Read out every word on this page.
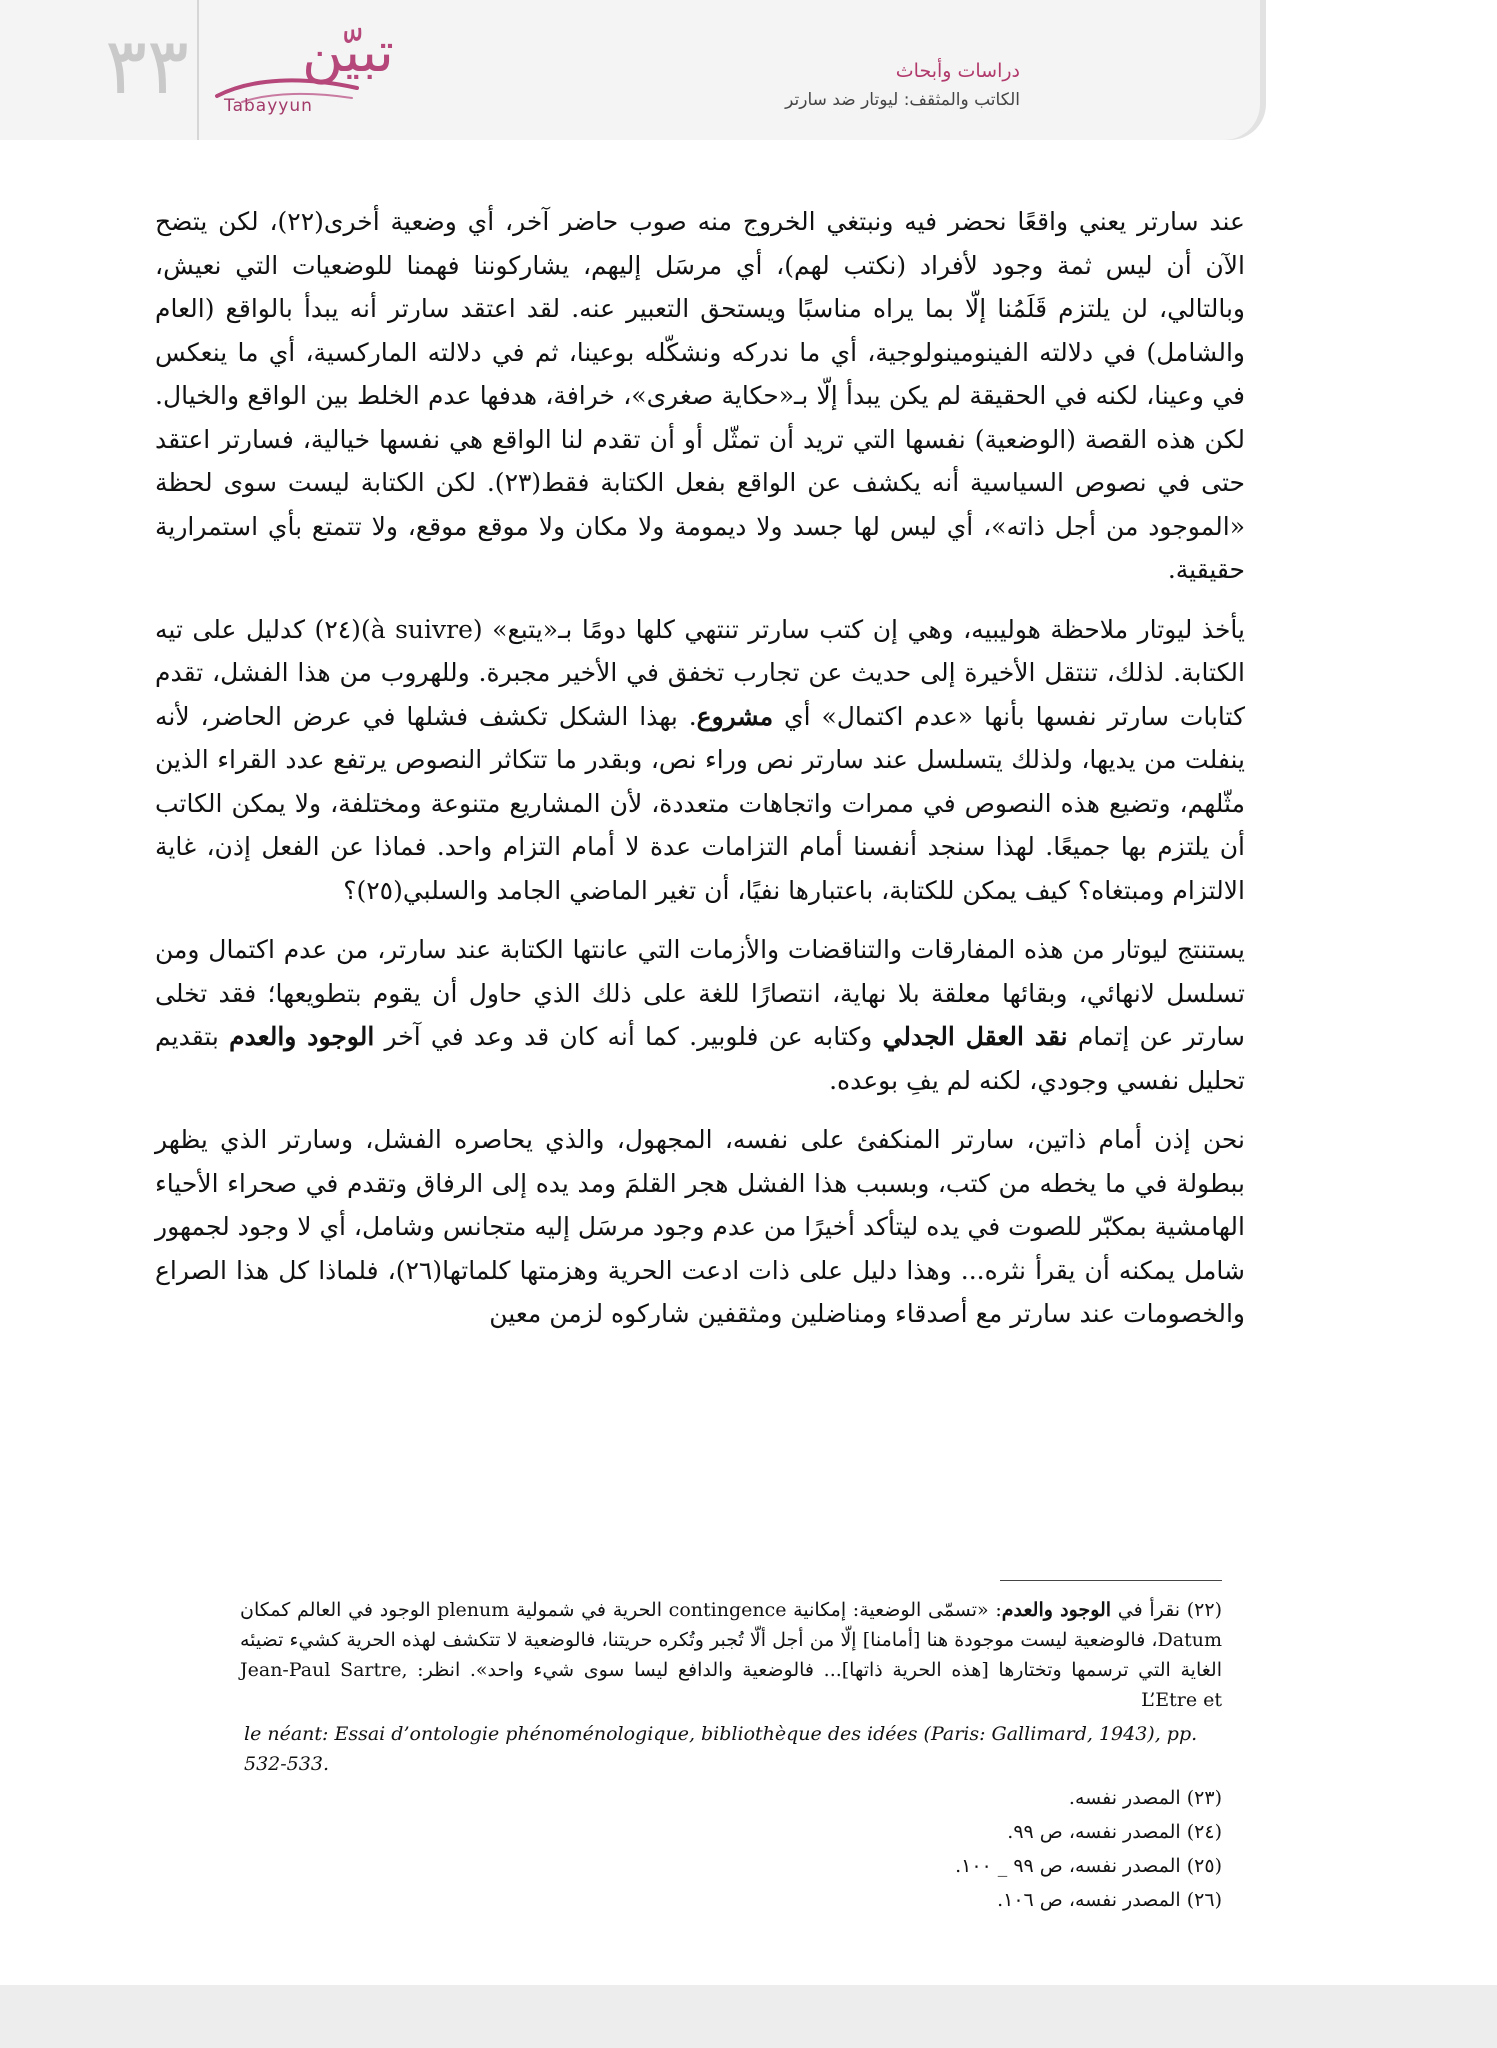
٣٣ تبيّن
Tabayyun
دراسات وأبحاث
الكاتب والمثقف: ليوتار ضد سارتر

عند سارتر يعني واقعًا نحضر فيه ونبتغي الخروج منه صوب حاضر آخر، أي وضعية أخرى(٢٢)، لكن يتضح الآن أن ليس ثمة وجود لأفراد (نكتب لهم)، أي مرسَل إليهم، يشاركوننا فهمنا للوضعيات التي نعيش، وبالتالي، لن يلتزم قَلَمُنا إلّا بما يراه مناسبًا ويستحق التعبير عنه. لقد اعتقد سارتر أنه يبدأ بالواقع (العام والشامل) في دلالته الفينومينولوجية، أي ما ندركه ونشكّله بوعينا، ثم في دلالته الماركسية، أي ما ينعكس في وعينا، لكنه في الحقيقة لم يكن يبدأ إلّا بـ«حكاية صغرى»، خرافة، هدفها عدم الخلط بين الواقع والخيال. لكن هذه القصة (الوضعية) نفسها التي تريد أن تمثّل أو أن تقدم لنا الواقع هي نفسها خيالية، فسارتر اعتقد حتى في نصوص السياسية أنه يكشف عن الواقع بفعل الكتابة فقط(٢٣). لكن الكتابة ليست سوى لحظة «الموجود من أجل ذاته»، أي ليس لها جسد ولا ديمومة ولا مكان ولا موقع موقع، ولا تتمتع بأي استمرارية حقيقية.

يأخذ ليوتار ملاحظة هوليبيه، وهي إن كتب سارتر تنتهي كلها دومًا بـ«يتبع» (à suivre)(٢٤) كدليل على تيه الكتابة. لذلك، تنتقل الأخيرة إلى حديث عن تجارب تخفق في الأخير مجبرة. وللهروب من هذا الفشل، تقدم كتابات سارتر نفسها بأنها «عدم اكتمال» أي مشروع. بهذا الشكل تكشف فشلها في عرض الحاضر، لأنه ينفلت من يديها، ولذلك يتسلسل عند سارتر نص وراء نص، وبقدر ما تتكاثر النصوص يرتفع عدد القراء الذين مثّلهم، وتضيع هذه النصوص في ممرات واتجاهات متعددة، لأن المشاريع متنوعة ومختلفة، ولا يمكن الكاتب أن يلتزم بها جميعًا. لهذا سنجد أنفسنا أمام التزامات عدة لا أمام التزام واحد. فماذا عن الفعل إذن، غاية الالتزام ومبتغاه؟ كيف يمكن للكتابة، باعتبارها نفيًا، أن تغير الماضي الجامد والسلبي(٢٥)؟

يستنتج ليوتار من هذه المفارقات والتناقضات والأزمات التي عانتها الكتابة عند سارتر، من عدم اكتمال ومن تسلسل لانهائي، وبقائها معلقة بلا نهاية، انتصارًا للغة على ذلك الذي حاول أن يقوم بتطويعها؛ فقد تخلى سارتر عن إتمام نقد العقل الجدلي وكتابه عن فلوبير. كما أنه كان قد وعد في آخر الوجود والعدم بتقديم تحليل نفسي وجودي، لكنه لم يفِ بوعده.

نحن إذن أمام ذاتين، سارتر المنكفئ على نفسه، المجهول، والذي يحاصره الفشل، وسارتر الذي يظهر ببطولة في ما يخطه من كتب، وبسبب هذا الفشل هجر القلمَ ومد يده إلى الرفاق وتقدم في صحراء الأحياء الهامشية بمكبّر للصوت في يده ليتأكد أخيرًا من عدم وجود مرسَل إليه متجانس وشامل، أي لا وجود لجمهور شامل يمكنه أن يقرأ نثره... وهذا دليل على ذات ادعت الحرية وهزمتها كلماتها(٢٦)، فلماذا كل هذا الصراع والخصومات عند سارتر مع أصدقاء ومناضلين ومثقفين شاركوه لزمن معين

(٢٢) نقرأ في الوجود والعدم: «تسمّى الوضعية: إمكانية contingence الحرية في شمولية plenum الوجود في العالم كمكان Datum، فالوضعية ليست موجودة هنا [أمامنا] إلّا من أجل ألّا تُجبر وتُكره حريتنا، فالوضعية لا تتكشف لهذه الحرية كشيء تضيئه الغاية التي ترسمها وتختارها [هذه الحرية ذاتها]... فالوضعية والدافع ليسا سوى شيء واحد». انظر: Jean-Paul Sartre, L’Etre et
le néant: Essai d’ontologie phénoménologique, bibliothèque des idées (Paris: Gallimard, 1943), pp. 532-533.
(٢٣) المصدر نفسه.
(٢٤) المصدر نفسه، ص ٩٩.
(٢٥) المصدر نفسه، ص ٩٩ _ ١٠٠.
(٢٦) المصدر نفسه، ص ١٠٦.
